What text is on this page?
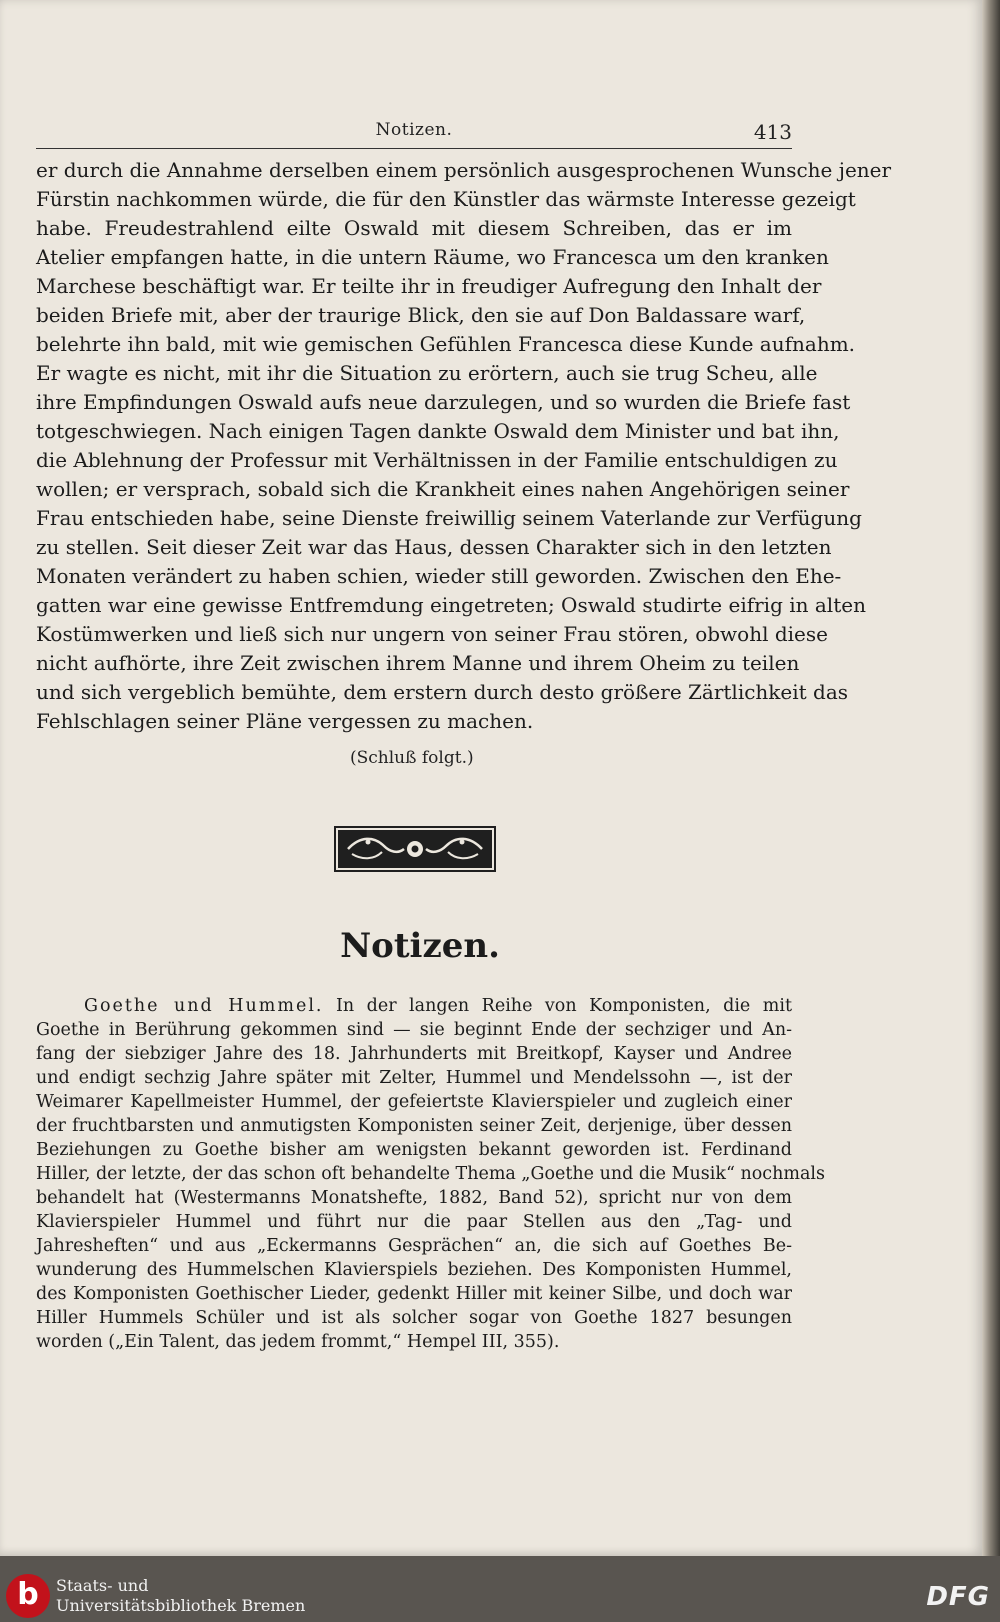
Notizen.	413
er durch die Annahme derselben einem persönlich ausgesprochenen Wunsche jener
Fürstin nachkommen würde, die für den Künstler das wärmste Interesse gezeigt
habe. Freudestrahlend eilte Oswald mit diesem Schreiben, das er im
Atelier empfangen hatte, in die untern Räume, wo Francesca um den kranken
Marchese beschäftigt war. Er teilte ihr in freudiger Aufregung den Inhalt der
beiden Briefe mit, aber der traurige Blick, den sie auf Don Baldassare warf,
belehrte ihn bald, mit wie gemischen Gefühlen Francesca diese Kunde aufnahm.
Er wagte es nicht, mit ihr die Situation zu erörtern, auch sie trug Scheu, alle
ihre Empfindungen Oswald aufs neue darzulegen, und so wurden die Briefe fast
totgeschwiegen. Nach einigen Tagen dankte Oswald dem Minister und bat ihn,
die Ablehnung der Professur mit Verhältnissen in der Familie entschuldigen zu
wollen; er versprach, sobald sich die Krankheit eines nahen Angehörigen seiner
Frau entschieden habe, seine Dienste freiwillig seinem Vaterlande zur Verfügung
zu stellen. Seit dieser Zeit war das Haus, dessen Charakter sich in den letzten
Monaten verändert zu haben schien, wieder still geworden. Zwischen den Ehe-
gatten war eine gewisse Entfremdung eingetreten; Oswald studirte eifrig in alten
Kostümwerken und ließ sich nur ungern von seiner Frau stören, obwohl diese
nicht aufhörte, ihre Zeit zwischen ihrem Manne und ihrem Oheim zu teilen
und sich vergeblich bemühte, dem erstern durch desto größere Zärtlichkeit das
Fehlschlagen seiner Pläne vergessen zu machen.
(Schluß folgt.)
Notizen.
Goethe und Hummel. In der langen Reihe von Komponisten, die mit
Goethe in Berührung gekommen sind — sie beginnt Ende der sechziger und An-
fang der siebziger Jahre des 18. Jahrhunderts mit Breitkopf, Kayser und Andree
und endigt sechzig Jahre später mit Zelter, Hummel und Mendelssohn —, ist der
Weimarer Kapellmeister Hummel, der gefeiertste Klavierspieler und zugleich einer
der fruchtbarsten und anmutigsten Komponisten seiner Zeit, derjenige, über dessen
Beziehungen zu Goethe bisher am wenigsten bekannt geworden ist. Ferdinand
Hiller, der letzte, der das schon oft behandelte Thema „Goethe und die Musik“ nochmals
behandelt hat (Westermanns Monatshefte, 1882, Band 52), spricht nur von dem
Klavierspieler Hummel und führt nur die paar Stellen aus den „Tag- und
Jahresheften“ und aus „Eckermanns Gesprächen“ an, die sich auf Goethes Be-
wunderung des Hummelschen Klavierspiels beziehen. Des Komponisten Hummel,
des Komponisten Goethischer Lieder, gedenkt Hiller mit keiner Silbe, und doch war
Hiller Hummels Schüler und ist als solcher sogar von Goethe 1827 besungen
worden („Ein Talent, das jedem frommt,“ Hempel III, 355).
b	Staats- und
Universitätsbibliothek Bremen	DFG
